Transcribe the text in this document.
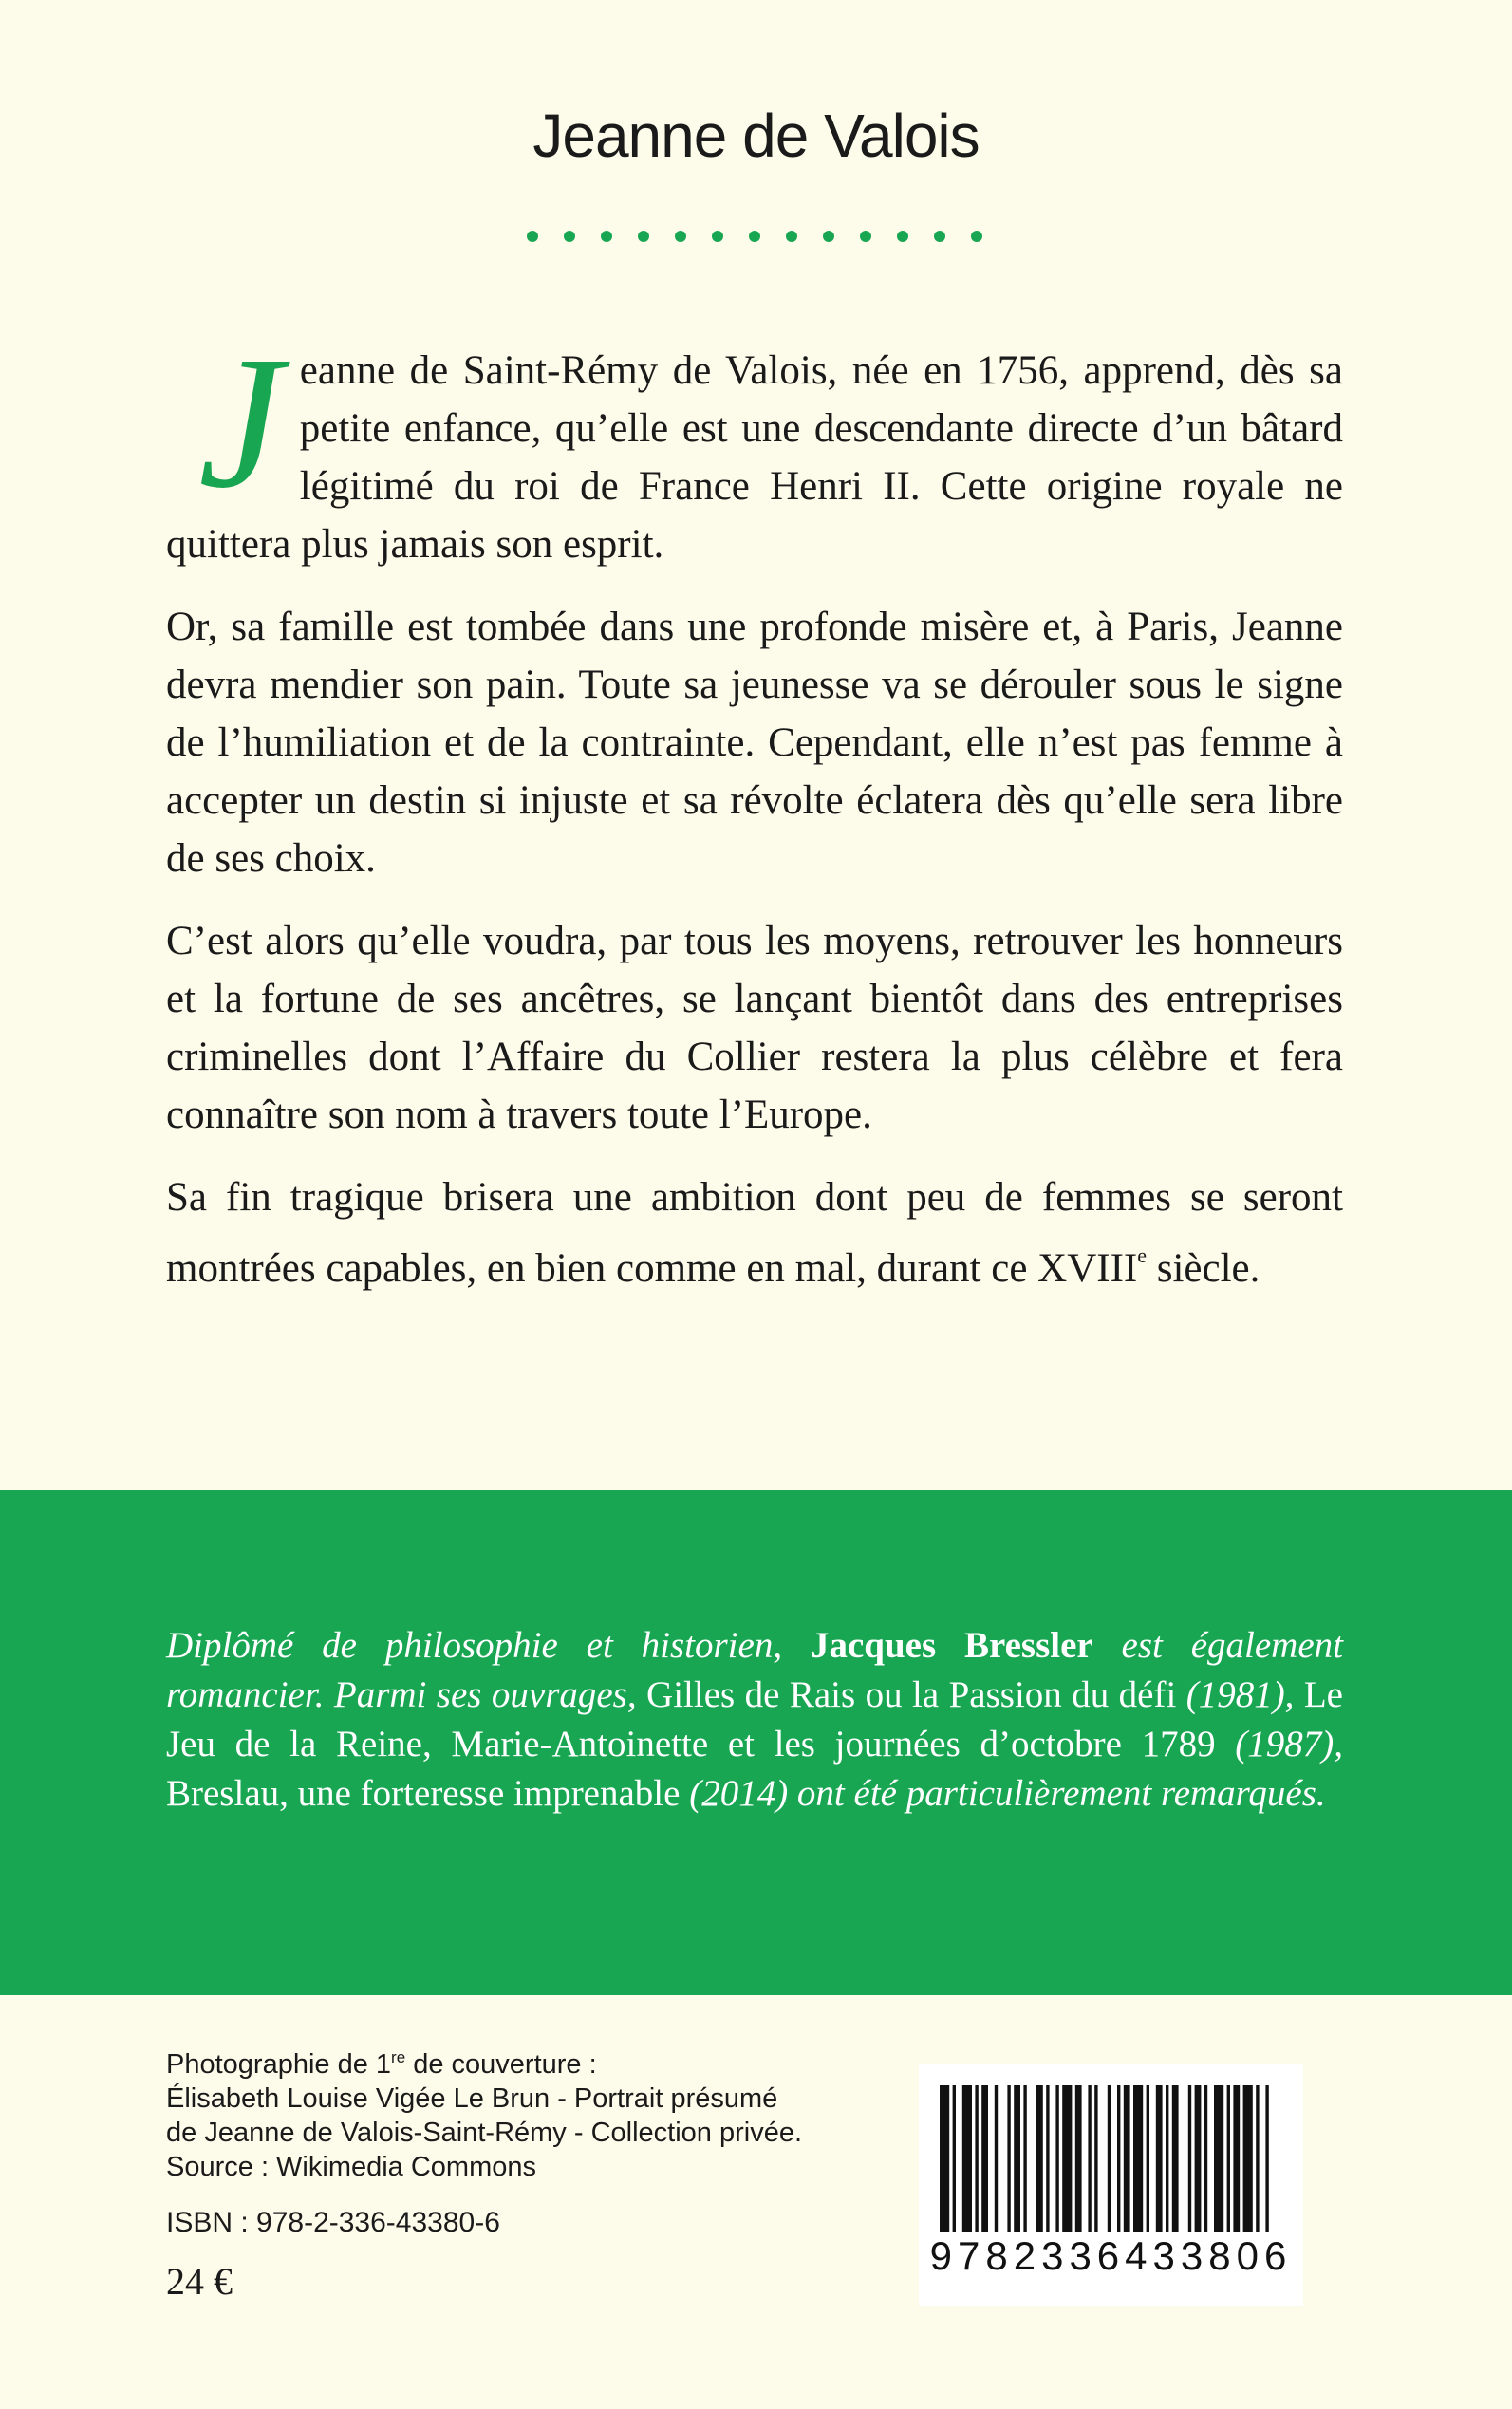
Jeanne de Valois

Jeanne de Saint-Rémy de Valois, née en 1756, apprend, dès sa petite enfance, qu’elle est une descendante directe d’un bâtard légitimé du roi de France Henri II. Cette origine royale ne quittera plus jamais son esprit.

Or, sa famille est tombée dans une profonde misère et, à Paris, Jeanne devra mendier son pain. Toute sa jeunesse va se dérouler sous le signe de l’humiliation et de la contrainte. Cependant, elle n’est pas femme à accepter un destin si injuste et sa révolte éclatera dès qu’elle sera libre de ses choix.

C’est alors qu’elle voudra, par tous les moyens, retrouver les honneurs et la fortune de ses ancêtres, se lançant bientôt dans des entreprises criminelles dont l’Affaire du Collier restera la plus célèbre et fera connaître son nom à travers toute l’Europe.

Sa fin tragique brisera une ambition dont peu de femmes se seront montrées capables, en bien comme en mal, durant ce XVIIIe siècle.

Diplômé de philosophie et historien, Jacques Bressler est également romancier. Parmi ses ouvrages, Gilles de Rais ou la Passion du défi (1981), Le Jeu de la Reine, Marie-Antoinette et les journées d’octobre 1789 (1987), Breslau, une forteresse imprenable (2014) ont été particulièrement remarqués.
Photographie de 1re de couverture :
Élisabeth Louise Vigée Le Brun - Portrait présumé
de Jeanne de Valois-Saint-Rémy - Collection privée.
Source : Wikimedia Commons
ISBN : 978-2-336-43380-6
24 €
9782336433806
